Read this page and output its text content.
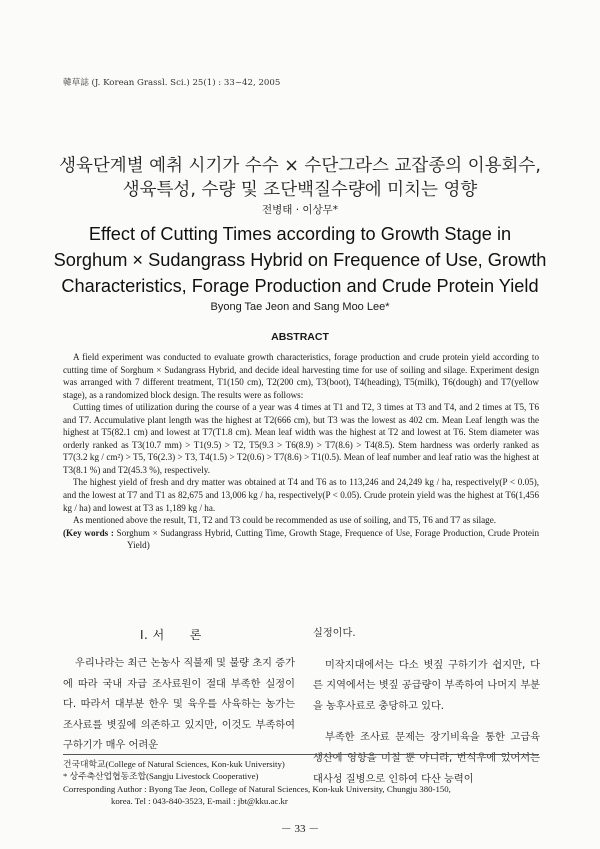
韓草誌 (J. Korean Grassl. Sci.) 25(1) : 33~42, 2005
생육단계별 예취 시기가 수수 × 수단그라스 교잡종의 이용회수,
생육특성, 수량 및 조단백질수량에 미치는 영향
전병태 · 이상무*
Effect of Cutting Times according to Growth Stage in
Sorghum × Sudangrass Hybrid on Frequence of Use, Growth
Characteristics, Forage Production and Crude Protein Yield
Byong Tae Jeon and Sang Moo Lee*
ABSTRACT

A field experiment was conducted to evaluate growth characteristics, forage production and crude protein yield according to cutting time of Sorghum × Sudangrass Hybrid, and decide ideal harvesting time for use of soiling and silage. Experiment design was arranged with 7 different treatment, T1(150 cm), T2(200 cm), T3(boot), T4(heading), T5(milk), T6(dough) and T7(yellow stage), as a randomized block design. The results were as follows:

Cutting times of utilization during the course of a year was 4 times at T1 and T2, 3 times at T3 and T4, and 2 times at T5, T6 and T7. Accumulative plant length was the highest at T2(666 cm), but T3 was the lowest as 402 cm. Mean Leaf length was the highest at T5(82.1 cm) and lowest at T7(T1.8 cm). Mean leaf width was the highest at T2 and lowest at T6. Stem diameter was orderly ranked as T3(10.7 mm) > T1(9.5) > T2, T5(9.3 > T6(8.9) > T7(8.6) > T4(8.5). Stem hardness was orderly ranked as T7(3.2 kg / cm²) > T5, T6(2.3) > T3, T4(1.5) > T2(0.6) > T7(8.6) > T1(0.5). Mean of leaf number and leaf ratio was the highest at T3(8.1 %) and T2(45.3 %), respectively.

The highest yield of fresh and dry matter was obtained at T4 and T6 as to 113,246 and 24,249 kg / ha, respectively(P < 0.05), and the lowest at T7 and T1 as 82,675 and 13,006 kg / ha, respectively(P < 0.05). Crude protein yield was the highest at T6(1,456 kg / ha) and lowest at T3 as 1,189 kg / ha.

As mentioned above the result, T1, T2 and T3 could be recommended as use of soiling, and T5, T6 and T7 as silage.

(Key words : Sorghum × Sudangrass Hybrid, Cutting Time, Growth Stage, Frequence of Use, Forage Production, Crude Protein Yield)

Ⅰ. 서　　론

우리나라는 최근 논농사 직불제 및 불량 초지 증가에 따라 국내 자급 조사료원이 절대 부족한 실정이다. 따라서 대부분 한우 및 육우를 사육하는 농가는 조사료를 볏짚에 의존하고 있지만, 이것도 부족하여 구하기가 매우 어려운

실정이다.

미작지대에서는 다소 볏짚 구하기가 쉽지만, 다른 지역에서는 볏짚 공급량이 부족하여 나머지 부분을 농후사료로 충당하고 있다.

부족한 조사료 문제는 장기비육을 통한 고급육 생산에 영향을 미칠 뿐 아니라, 번식우에 있어서는 대사성 질병으로 인하여 다산 능력이

건국대학교(College of Natural Sciences, Kon-kuk University)
* 상주축산업협동조합(Sangju Livestock Cooperative)
Corresponding Author : Byong Tae Jeon, College of Natural Sciences, Kon-kuk University, Chungju 380-150,
korea. Tel : 043-840-3523, E-mail : jbt@kku.ac.kr
－ 33 －
